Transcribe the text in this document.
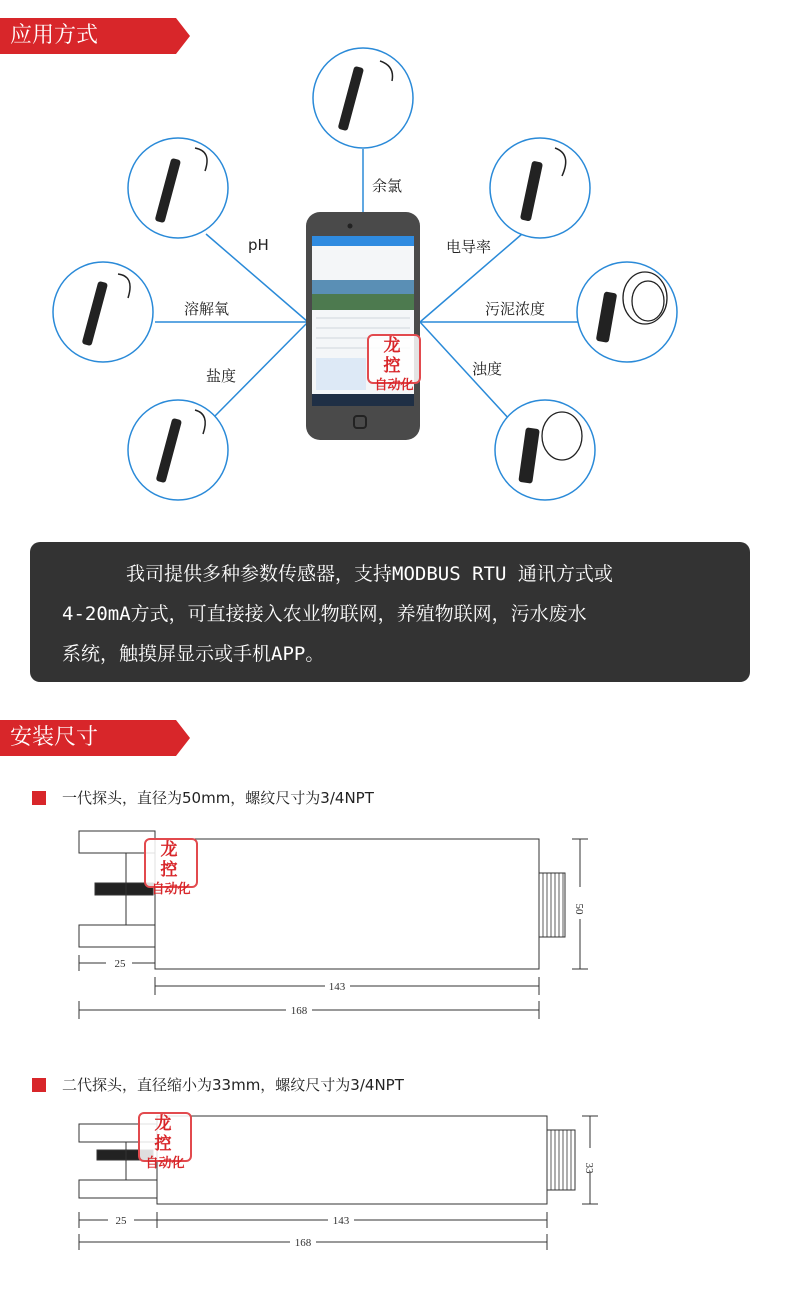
应用方式
余氯
pH	电导率
溶解氧	污泥浓度
盐度	浊度
龙 控
自动化
我司提供多种参数传感器，支持MODBUS RTU 通讯方式或
4-20mA方式，可直接接入农业物联网，养殖物联网，污水废水
系统，触摸屏显示或手机APP。
安装尺寸
一代探头，直径为50mm，螺纹尺寸为3/4NPT
50
25
143
168
龙 控
自动化
二代探头，直径缩小为33mm，螺纹尺寸为3/4NPT
33
25	143
168
龙 控
自动化
